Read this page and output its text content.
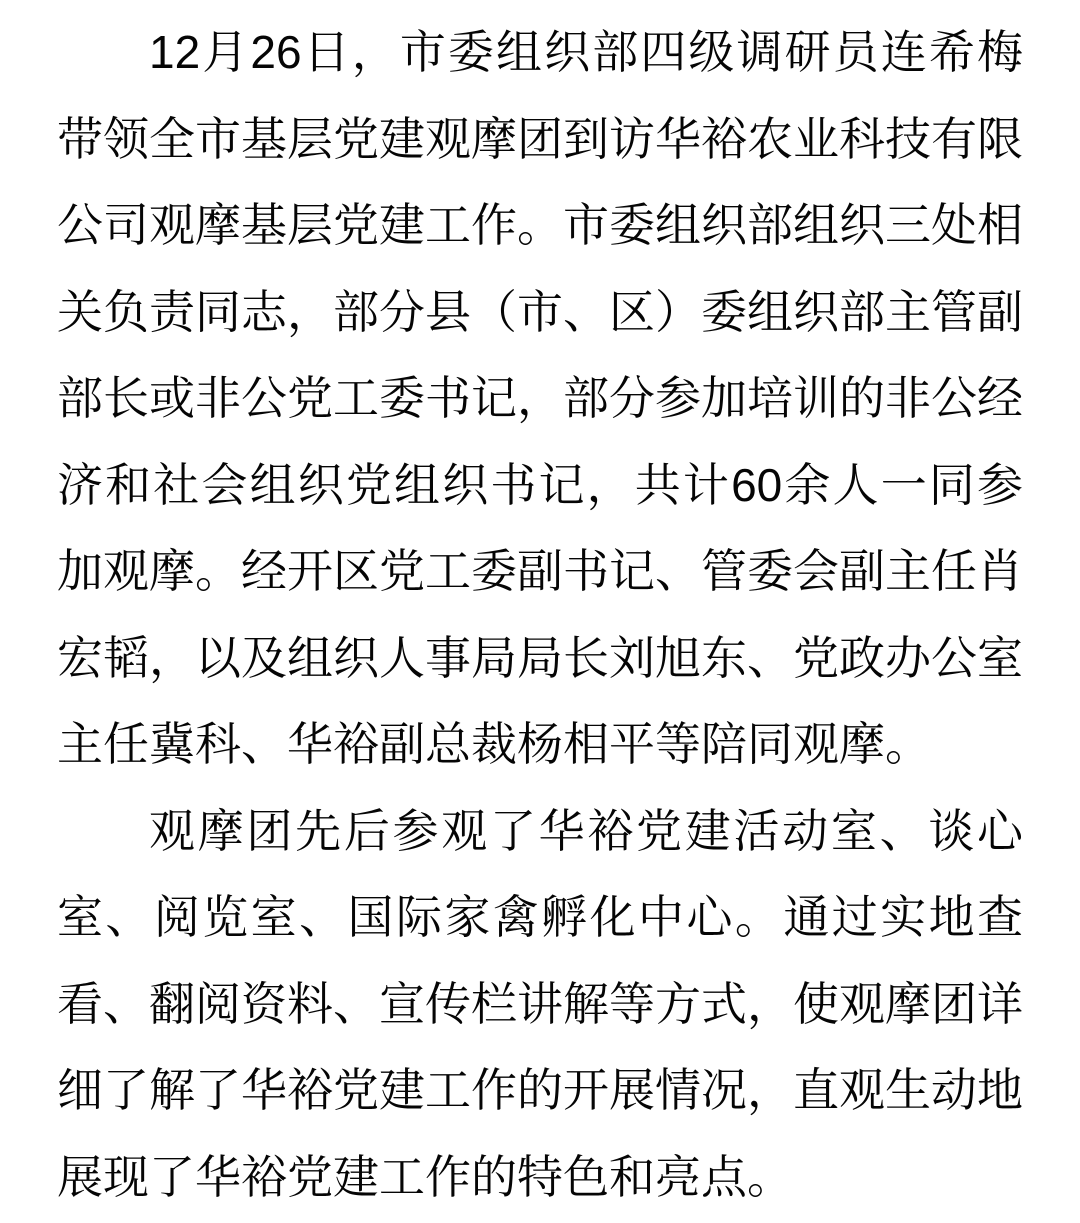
12月26日，市委组织部四级调研员连希梅
带领全市基层党建观摩团到访华裕农业科技有限
公司观摩基层党建工作。市委组织部组织三处相
关负责同志，部分县（市、区）委组织部主管副
部长或非公党工委书记，部分参加培训的非公经
济和社会组织党组织书记，共计60余人一同参
加观摩。经开区党工委副书记、管委会副主任肖
宏韬，以及组织人事局局长刘旭东、党政办公室
主任冀科、华裕副总裁杨相平等陪同观摩。
观摩团先后参观了华裕党建活动室、谈心
室、阅览室、国际家禽孵化中心。通过实地查
看、翻阅资料、宣传栏讲解等方式，使观摩团详
细了解了华裕党建工作的开展情况，直观生动地
展现了华裕党建工作的特色和亮点。
